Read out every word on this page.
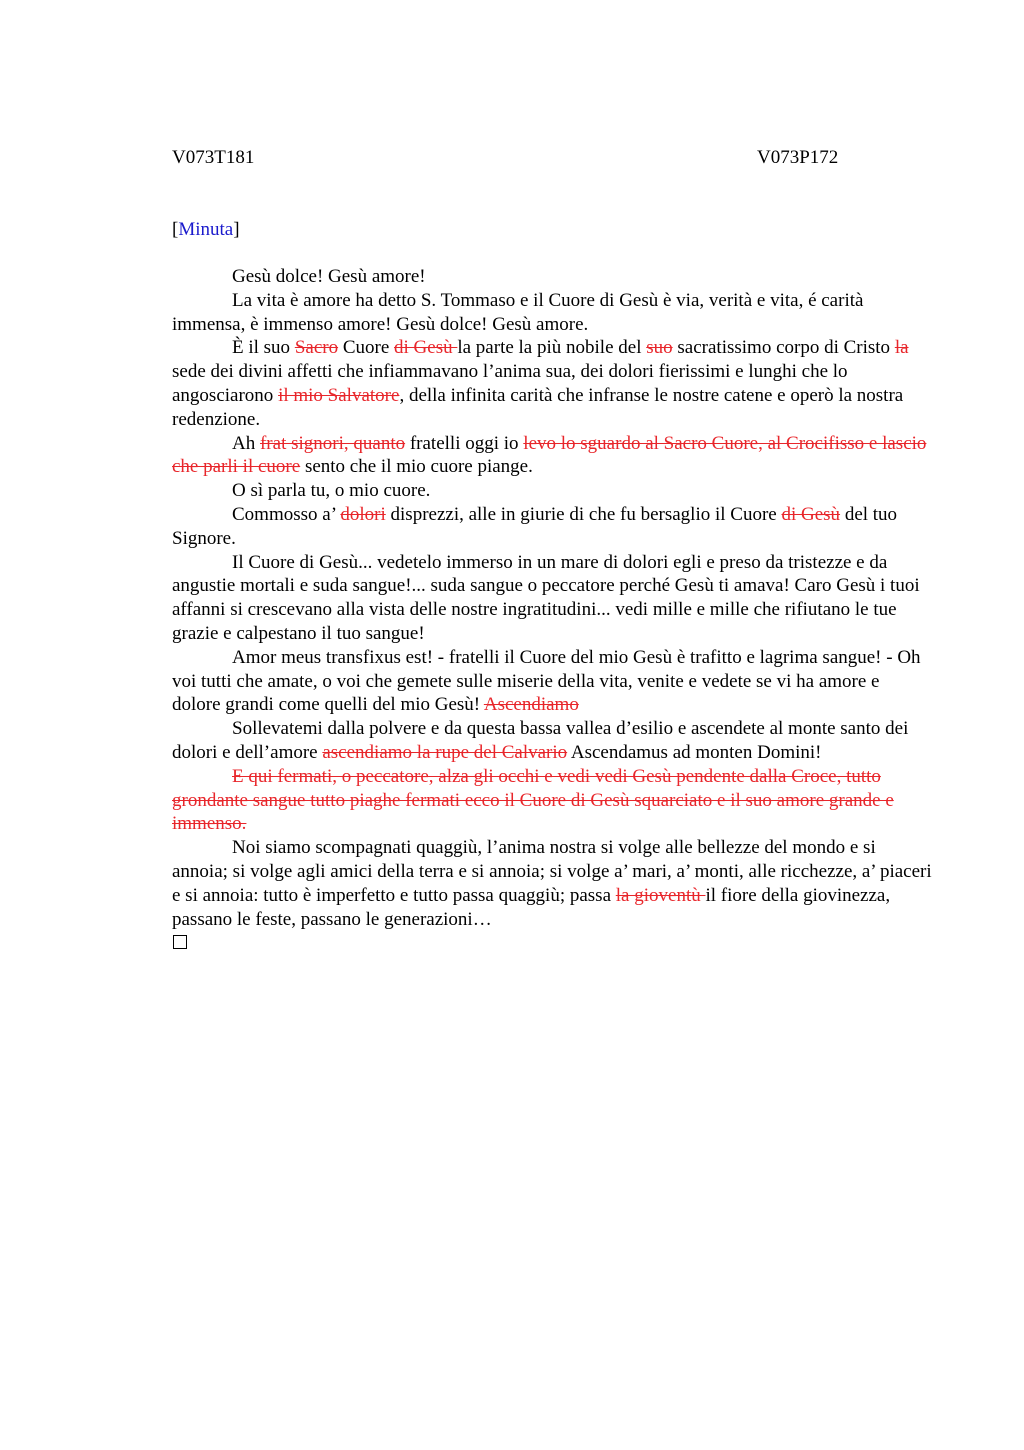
V073T181	V073P172
[Minuta]

Gesù dolce! Gesù amore!

La vita è amore ha detto S. Tommaso e il Cuore di Gesù è via, verità e vita, é carità immensa, è immenso amore! Gesù dolce! Gesù amore.

È il suo Sacro Cuore di Gesù la parte la più nobile del suo sacratissimo corpo di Cristo la sede dei divini affetti che infiammavano l’anima sua, dei dolori fierissimi e lunghi che lo angosciarono il mio Salvatore, della infinita carità che infranse le nostre catene e operò la nostra redenzione.

Ah frat signori, quanto fratelli oggi io levo lo sguardo al Sacro Cuore, al Crocifisso e lascio che parli il cuore sento che il mio cuore piange.

O sì parla tu, o mio cuore.

Commosso a’ dolori disprezzi, alle in giurie di che fu bersaglio il Cuore di Gesù del tuo Signore.

Il Cuore di Gesù... vedetelo immerso in un mare di dolori egli e preso da tristezze e da angustie mortali e suda sangue!... suda sangue o peccatore perché Gesù ti amava! Caro Gesù i tuoi affanni si crescevano alla vista delle nostre ingratitudini... vedi mille e mille che rifiutano le tue grazie e calpestano il tuo sangue!

Amor meus transfixus est! - fratelli il Cuore del mio Gesù è trafitto e lagrima sangue! - Oh voi tutti che amate, o voi che gemete sulle miserie della vita, venite e vedete se vi ha amore e dolore grandi come quelli del mio Gesù! Ascendiamo

Sollevatemi dalla polvere e da questa bassa vallea d’esilio e ascendete al monte santo dei dolori e dell’amore ascendiamo la rupe del Calvario Ascendamus ad monten Domini!

E qui fermati, o peccatore, alza gli occhi e vedi vedi Gesù pendente dalla Croce, tutto grondante sangue tutto piaghe fermati ecco il Cuore di Gesù squarciato e il suo amore grande e immenso.

Noi siamo scompagnati quaggiù, l’anima nostra si volge alle bellezze del mondo e si annoia; si volge agli amici della terra e si annoia; si volge a’ mari, a’ monti, alle ricchezze, a’ piaceri e si annoia: tutto è imperfetto e tutto passa quaggiù; passa la gioventù il fiore della giovinezza, passano le feste, passano le generazioni…
